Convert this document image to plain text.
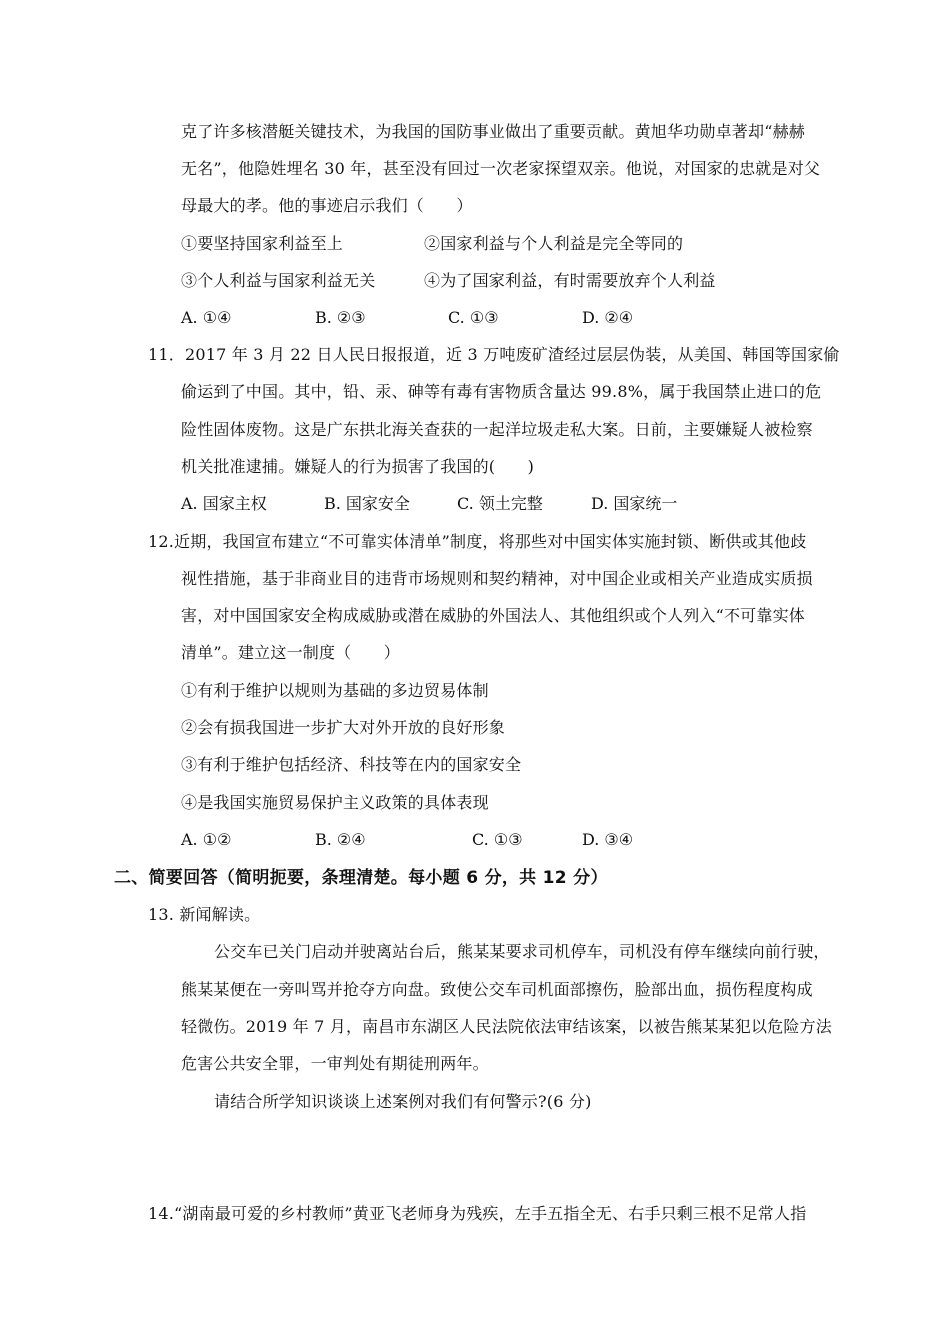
克了许多核潜艇关键技术，为我国的国防事业做出了重要贡献。黄旭华功勋卓著却“赫赫
无名”，他隐姓埋名 30 年，甚至没有回过一次老家探望双亲。他说，对国家的忠就是对父
母最大的孝。他的事迹启示我们（　　）
①要坚持国家利益至上	②国家利益与个人利益是完全等同的
③个人利益与国家利益无关	④为了国家利益，有时需要放弃个人利益
A. ①④	B. ②③	C. ①③	D. ②④
11．2017 年 3 月 22 日人民日报报道，近 3 万吨废矿渣经过层层伪装，从美国、韩国等国家偷
偷运到了中国。其中，铅、汞、砷等有毒有害物质含量达 99.8%，属于我国禁止进口的危
险性固体废物。这是广东拱北海关查获的一起洋垃圾走私大案。日前，主要嫌疑人被检察
机关批准逮捕。嫌疑人的行为损害了我国的(　　)
A. 国家主权	B. 国家安全	C. 领土完整	D. 国家统一
12.近期，我国宣布建立“不可靠实体清单”制度，将那些对中国实体实施封锁、断供或其他歧
视性措施，基于非商业目的违背市场规则和契约精神，对中国企业或相关产业造成实质损
害，对中国国家安全构成威胁或潜在威胁的外国法人、其他组织或个人列入“不可靠实体
清单”。建立这一制度（　　）
①有利于维护以规则为基础的多边贸易体制
②会有损我国进一步扩大对外开放的良好形象
③有利于维护包括经济、科技等在内的国家安全
④是我国实施贸易保护主义政策的具体表现
A. ①②	B. ②④	C. ①③	D. ③④
二、简要回答（简明扼要，条理清楚。每小题 6 分，共 12 分）
13. 新闻解读。
公交车已关门启动并驶离站台后，熊某某要求司机停车，司机没有停车继续向前行驶，
熊某某便在一旁叫骂并抢夺方向盘。致使公交车司机面部擦伤，脸部出血，损伤程度构成
轻微伤。2019 年 7 月，南昌市东湖区人民法院依法审结该案，以被告熊某某犯以危险方法
危害公共安全罪，一审判处有期徒刑两年。
请结合所学知识谈谈上述案例对我们有何警示?(6 分)
14.“湖南最可爱的乡村教师”黄亚飞老师身为残疾，左手五指全无、右手只剩三根不足常人指
